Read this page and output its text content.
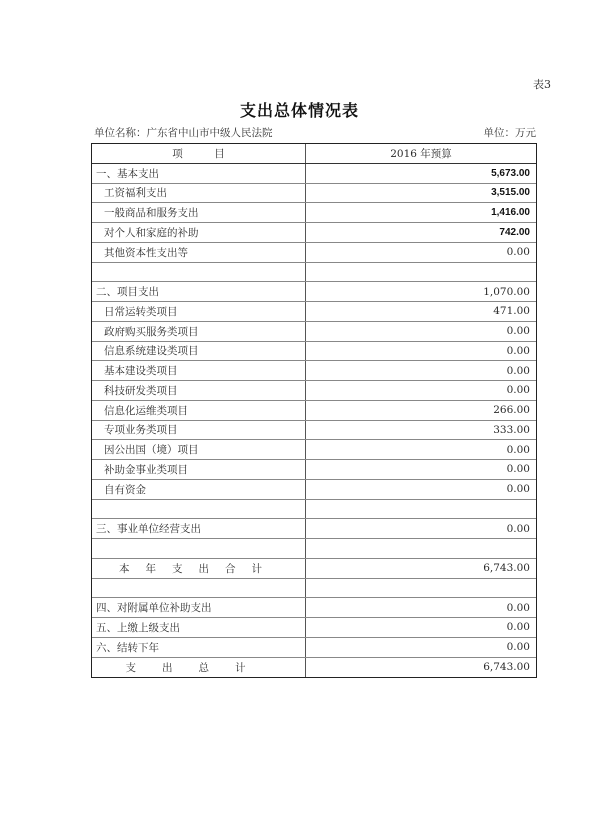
表3
支出总体情况表
单位名称：广东省中山市中级人民法院	单位：万元
项　　　目	2016 年预算
一、基本支出	5,673.00
工资福利支出	3,515.00
一般商品和服务支出	1,416.00
对个人和家庭的补助	742.00
其他资本性支出等	0.00
二、项目支出	1,070.00
日常运转类项目	471.00
政府购买服务类项目	0.00
信息系统建设类项目	0.00
基本建设类项目	0.00
科技研发类项目	0.00
信息化运维类项目	266.00
专项业务类项目	333.00
因公出国（境）项目	0.00
补助金事业类项目	0.00
自有资金	0.00
三、事业单位经营支出	0.00
本年支出合计	6,743.00
四、对附属单位补助支出	0.00
五、上缴上级支出	0.00
六、结转下年	0.00
支出总计	6,743.00
